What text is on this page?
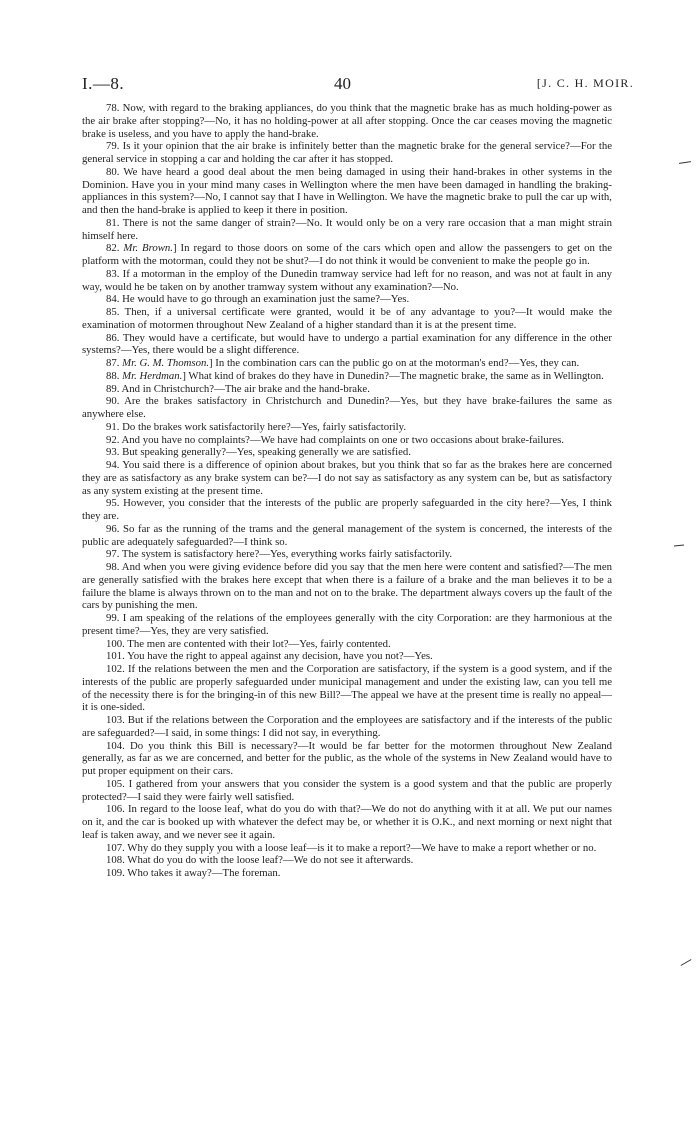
I.—8.	40	[J. C. H. MOIR.

78. Now, with regard to the braking appliances, do you think that the magnetic brake has as much holding-power as the air brake after stopping?—No, it has no holding-power at all after stopping. Once the car ceases moving the magnetic brake is useless, and you have to apply the hand-brake.

79. Is it your opinion that the air brake is infinitely better than the magnetic brake for the general service?—For the general service in stopping a car and holding the car after it has stopped.

80. We have heard a good deal about the men being damaged in using their hand-brakes in other systems in the Dominion. Have you in your mind many cases in Wellington where the men have been damaged in handling the braking-appliances in this system?—No, I cannot say that I have in Wellington. We have the magnetic brake to pull the car up with, and then the hand-brake is applied to keep it there in position.

81. There is not the same danger of strain?—No. It would only be on a very rare occasion that a man might strain himself here.

82. Mr. Brown.] In regard to those doors on some of the cars which open and allow the passengers to get on the platform with the motorman, could they not be shut?—I do not think it would be convenient to make the people go in.

83. If a motorman in the employ of the Dunedin tramway service had left for no reason, and was not at fault in any way, would he be taken on by another tramway system without any examination?—No.

84. He would have to go through an examination just the same?—Yes.

85. Then, if a universal certificate were granted, would it be of any advantage to you?—It would make the examination of motormen throughout New Zealand of a higher standard than it is at the present time.

86. They would have a certificate, but would have to undergo a partial examination for any difference in the other systems?—Yes, there would be a slight difference.

87. Mr. G. M. Thomson.] In the combination cars can the public go on at the motorman's end?—Yes, they can.

88. Mr. Herdman.] What kind of brakes do they have in Dunedin?—The magnetic brake, the same as in Wellington.

89. And in Christchurch?—The air brake and the hand-brake.

90. Are the brakes satisfactory in Christchurch and Dunedin?—Yes, but they have brake-failures the same as anywhere else.

91. Do the brakes work satisfactorily here?—Yes, fairly satisfactorily.

92. And you have no complaints?—We have had complaints on one or two occasions about brake-failures.

93. But speaking generally?—Yes, speaking generally we are satisfied.

94. You said there is a difference of opinion about brakes, but you think that so far as the brakes here are concerned they are as satisfactory as any brake system can be?—I do not say as satisfactory as any system can be, but as satisfactory as any system existing at the present time.

95. However, you consider that the interests of the public are properly safeguarded in the city here?—Yes, I think they are.

96. So far as the running of the trams and the general management of the system is concerned, the interests of the public are adequately safeguarded?—I think so.

97. The system is satisfactory here?—Yes, everything works fairly satisfactorily.

98. And when you were giving evidence before did you say that the men here were content and satisfied?—The men are generally satisfied with the brakes here except that when there is a failure of a brake and the man believes it to be a failure the blame is always thrown on to the man and not on to the brake. The department always covers up the fault of the cars by punishing the men.

99. I am speaking of the relations of the employees generally with the city Corporation: are they harmonious at the present time?—Yes, they are very satisfied.

100. The men are contented with their lot?—Yes, fairly contented.

101. You have the right to appeal against any decision, have you not?—Yes.

102. If the relations between the men and the Corporation are satisfactory, if the system is a good system, and if the interests of the public are properly safeguarded under municipal management and under the existing law, can you tell me of the necessity there is for the bringing-in of this new Bill?—The appeal we have at the present time is really no appeal—it is one-sided.

103. But if the relations between the Corporation and the employees are satisfactory and if the interests of the public are safeguarded?—I said, in some things: I did not say, in everything.

104. Do you think this Bill is necessary?—It would be far better for the motormen throughout New Zealand generally, as far as we are concerned, and better for the public, as the whole of the systems in New Zealand would have to put proper equipment on their cars.

105. I gathered from your answers that you consider the system is a good system and that the public are properly protected?—I said they were fairly well satisfied.

106. In regard to the loose leaf, what do you do with that?—We do not do anything with it at all. We put our names on it, and the car is booked up with whatever the defect may be, or whether it is O.K., and next morning or next night that leaf is taken away, and we never see it again.

107. Why do they supply you with a loose leaf—is it to make a report?—We have to make a report whether or no.

108. What do you do with the loose leaf?—We do not see it afterwards.

109. Who takes it away?—The foreman.
